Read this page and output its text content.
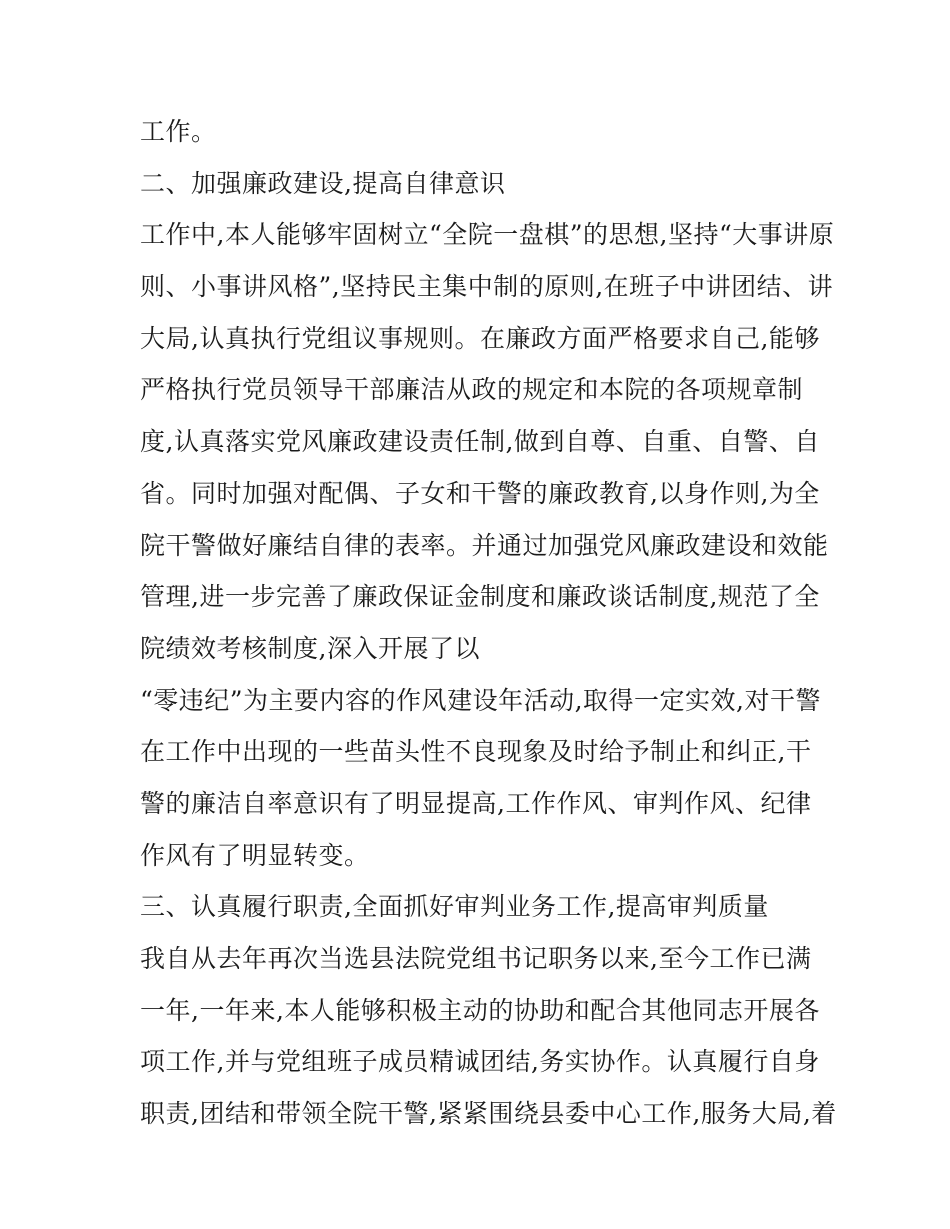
工作。
二、加强廉政建设,提高自律意识
工作中,本人能够牢固树立“全院一盘棋”的思想,坚持“大事讲原
则、小事讲风格”,坚持民主集中制的原则,在班子中讲团结、讲
大局,认真执行党组议事规则。在廉政方面严格要求自己,能够
严格执行党员领导干部廉洁从政的规定和本院的各项规章制
度,认真落实党风廉政建设责任制,做到自尊、自重、自警、自
省。同时加强对配偶、子女和干警的廉政教育,以身作则,为全
院干警做好廉结自律的表率。并通过加强党风廉政建设和效能
管理,进一步完善了廉政保证金制度和廉政谈话制度,规范了全
院绩效考核制度,深入开展了以
“零违纪”为主要内容的作风建设年活动,取得一定实效,对干警
在工作中出现的一些苗头性不良现象及时给予制止和纠正,干
警的廉洁自率意识有了明显提高,工作作风、审判作风、纪律
作风有了明显转变。
三、认真履行职责,全面抓好审判业务工作,提高审判质量
我自从去年再次当选县法院党组书记职务以来,至今工作已满
一年,一年来,本人能够积极主动的协助和配合其他同志开展各
项工作,并与党组班子成员精诚团结,务实协作。认真履行自身
职责,团结和带领全院干警,紧紧围绕县委中心工作,服务大局,着
